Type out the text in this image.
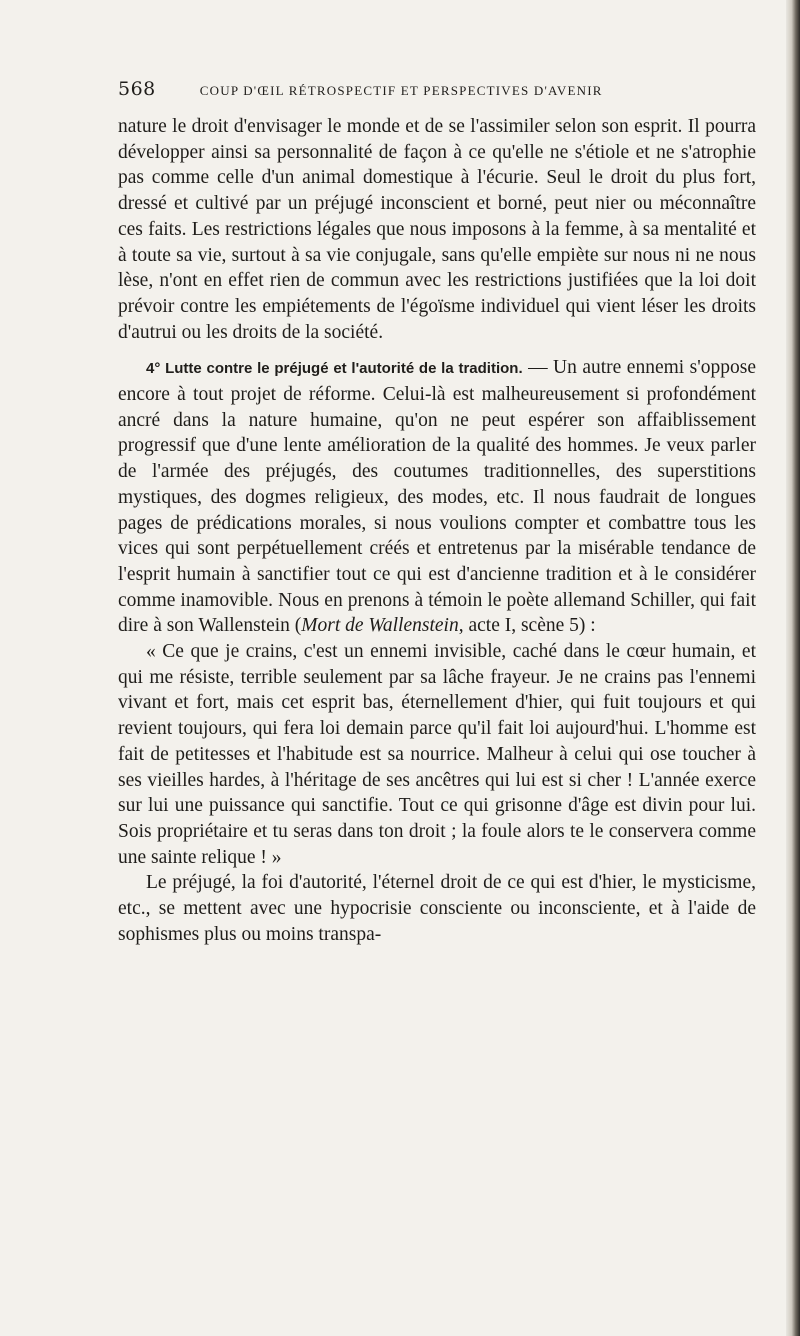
568	COUP D'ŒIL RÉTROSPECTIF ET PERSPECTIVES D'AVENIR

nature le droit d'envisager le monde et de se l'assimiler selon son esprit. Il pourra développer ainsi sa personnalité de façon à ce qu'elle ne s'étiole et ne s'atrophie pas comme celle d'un animal domestique à l'écurie. Seul le droit du plus fort, dressé et cultivé par un préjugé inconscient et borné, peut nier ou méconnaître ces faits. Les restrictions légales que nous imposons à la femme, à sa mentalité et à toute sa vie, surtout à sa vie conjugale, sans qu'elle empiète sur nous ni ne nous lèse, n'ont en effet rien de commun avec les restrictions justifiées que la loi doit prévoir contre les empiétements de l'égoïsme individuel qui vient léser les droits d'autrui ou les droits de la société.

4° Lutte contre le préjugé et l'autorité de la tradition. — Un autre ennemi s'oppose encore à tout projet de réforme. Celui-là est malheureusement si profondément ancré dans la nature humaine, qu'on ne peut espérer son affaiblissement progressif que d'une lente amélioration de la qualité des hommes. Je veux parler de l'armée des préjugés, des coutumes traditionnelles, des superstitions mystiques, des dogmes religieux, des modes, etc. Il nous faudrait de longues pages de prédications morales, si nous voulions compter et combattre tous les vices qui sont perpétuellement créés et entretenus par la misérable tendance de l'esprit humain à sanctifier tout ce qui est d'ancienne tradition et à le considérer comme inamovible. Nous en prenons à témoin le poète allemand Schiller, qui fait dire à son Wallenstein (Mort de Wallenstein, acte I, scène 5) :

« Ce que je crains, c'est un ennemi invisible, caché dans le cœur humain, et qui me résiste, terrible seulement par sa lâche frayeur. Je ne crains pas l'ennemi vivant et fort, mais cet esprit bas, éternellement d'hier, qui fuit toujours et qui revient toujours, qui fera loi demain parce qu'il fait loi aujourd'hui. L'homme est fait de petitesses et l'habitude est sa nourrice. Malheur à celui qui ose toucher à ses vieilles hardes, à l'héritage de ses ancêtres qui lui est si cher ! L'année exerce sur lui une puissance qui sanctifie. Tout ce qui grisonne d'âge est divin pour lui. Sois propriétaire et tu seras dans ton droit ; la foule alors te le conservera comme une sainte relique ! »

Le préjugé, la foi d'autorité, l'éternel droit de ce qui est d'hier, le mysticisme, etc., se mettent avec une hypocrisie consciente ou inconsciente, et à l'aide de sophismes plus ou moins transpa-
